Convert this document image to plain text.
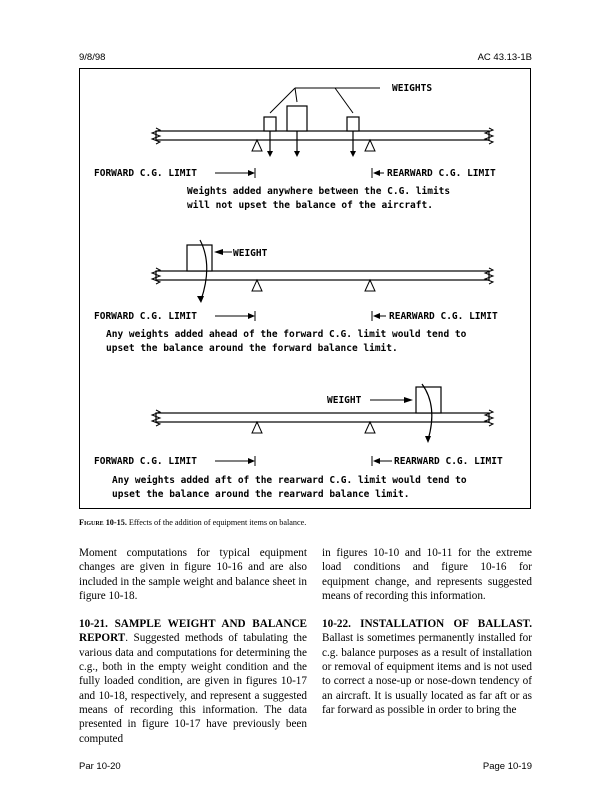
9/8/98	AC 43.13-1B
WEIGHTS
FORWARD C.G. LIMIT	REARWARD C.G. LIMIT
Weights added anywhere between the C.G. limits
will not upset the balance of the aircraft.
WEIGHT
FORWARD C.G. LIMIT	REARWARD C.G. LIMIT
Any weights added ahead of the forward C.G. limit would tend to
upset the balance around the forward balance limit.
WEIGHT
FORWARD C.G. LIMIT	REARWARD C.G. LIMIT
Any weights added aft of the rearward C.G. limit would tend to
upset the balance around the rearward balance limit.
Figure 10-15. Effects of the addition of equipment items on balance.

Moment computations for typical equipment changes are given in figure 10-16 and are also included in the sample weight and balance sheet in figure 10-18.

10-21. SAMPLE WEIGHT AND BALANCE REPORT. Suggested methods of tabulating the various data and computations for determining the c.g., both in the empty weight condition and the fully loaded condition, are given in figures 10-17 and 10-18, respectively, and represent a suggested means of recording this information. The data presented in figure 10-17 have previously been computed

in figures 10-10 and 10-11 for the extreme load conditions and figure 10-16 for equipment change, and represents suggested means of recording this information.

10-22. INSTALLATION OF BALLAST. Ballast is sometimes permanently installed for c.g. balance purposes as a result of installation or removal of equipment items and is not used to correct a nose-up or nose-down tendency of an aircraft. It is usually located as far aft or as far forward as possible in order to bring the

Par 10-20	Page 10-19
